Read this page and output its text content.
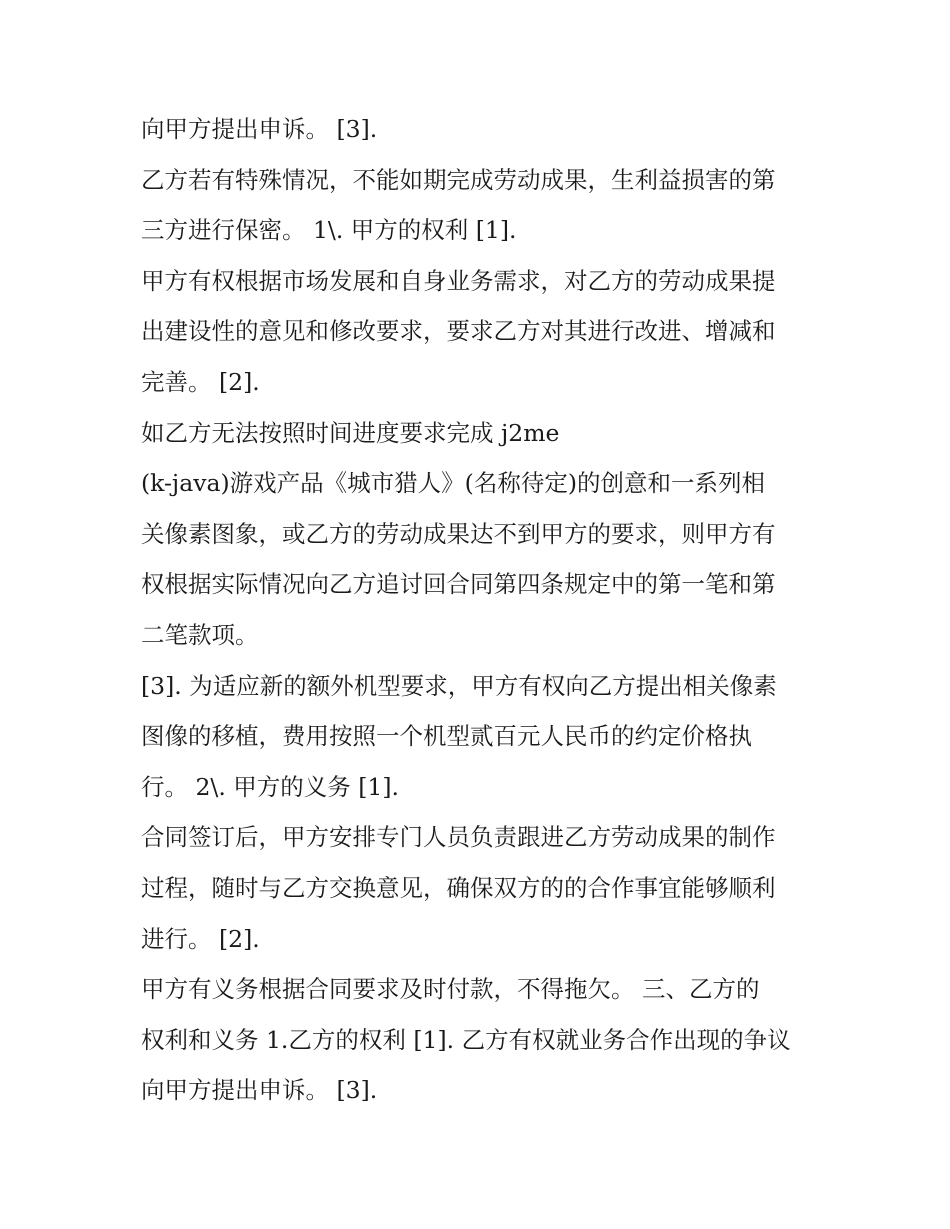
向甲方提出申诉。 [3].
乙方若有特殊情况，不能如期完成劳动成果，生利益损害的第
三方进行保密。 1\. 甲方的权利 [1].
甲方有权根据市场发展和自身业务需求，对乙方的劳动成果提
出建设性的意见和修改要求，要求乙方对其进行改进、增减和
完善。 [2].
如乙方无法按照时间进度要求完成 j2me
(k-java)游戏产品《城市猎人》(名称待定)的创意和一系列相
关像素图象，或乙方的劳动成果达不到甲方的要求，则甲方有
权根据实际情况向乙方追讨回合同第四条规定中的第一笔和第
二笔款项。
[3]. 为适应新的额外机型要求，甲方有权向乙方提出相关像素
图像的移植，费用按照一个机型贰百元人民币的约定价格执
行。 2\. 甲方的义务 [1].
合同签订后，甲方安排专门人员负责跟进乙方劳动成果的制作
过程，随时与乙方交换意见，确保双方的的合作事宜能够顺利
进行。 [2].
甲方有义务根据合同要求及时付款，不得拖欠。 三、乙方的
权利和义务 1.乙方的权利 [1]. 乙方有权就业务合作出现的争议
向甲方提出申诉。 [3].
